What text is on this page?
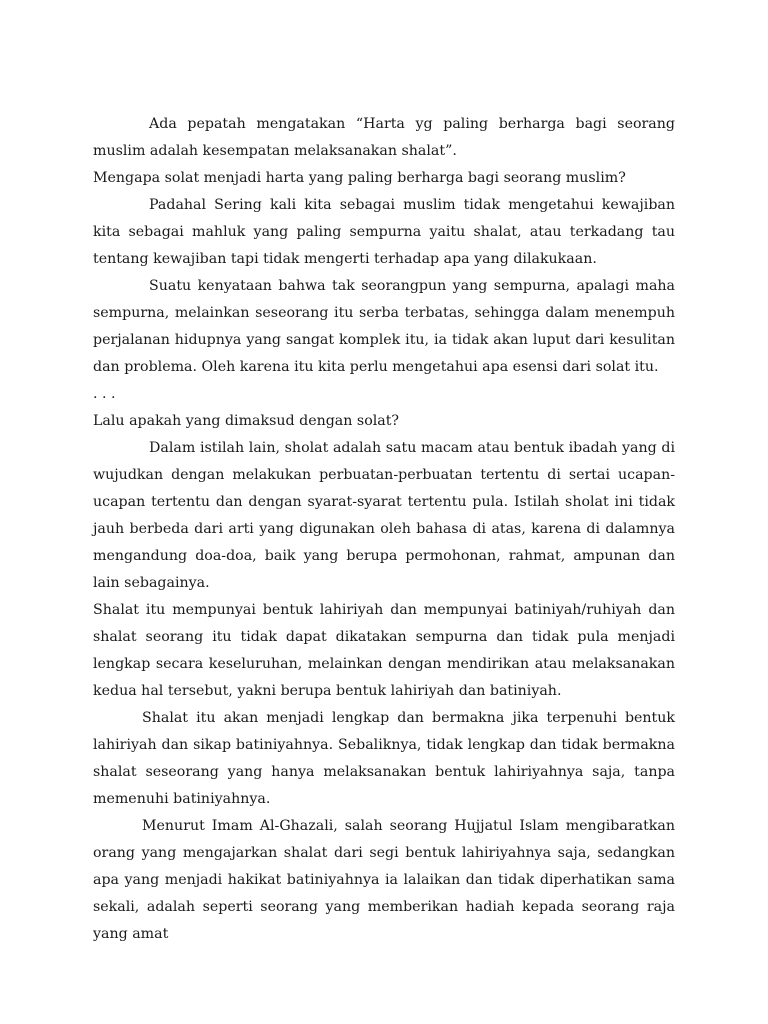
Ada pepatah mengatakan “Harta yg paling berharga bagi seorang muslim adalah kesempatan melaksanakan shalat”.

Mengapa solat menjadi harta yang paling berharga bagi seorang muslim?

Padahal Sering kali kita sebagai muslim tidak mengetahui kewajiban kita sebagai mahluk yang paling sempurna yaitu shalat, atau terkadang tau tentang kewajiban tapi tidak mengerti terhadap apa yang dilakukaan.

Suatu kenyataan bahwa tak seorangpun yang sempurna, apalagi maha sempurna, melainkan seseorang itu serba terbatas, sehingga dalam menempuh perjalanan hidupnya yang sangat komplek itu, ia tidak akan luput dari kesulitan dan problema. Oleh karena itu kita perlu mengetahui apa esensi dari solat itu.

. . .

Lalu apakah yang dimaksud dengan solat?

Dalam istilah lain, sholat adalah satu macam atau bentuk ibadah yang di wujudkan dengan melakukan perbuatan-perbuatan tertentu di sertai ucapan-ucapan tertentu dan dengan syarat-syarat tertentu pula. Istilah sholat ini tidak jauh berbeda dari arti yang digunakan oleh bahasa di atas, karena di dalamnya mengandung doa-doa, baik yang berupa permohonan, rahmat, ampunan dan lain sebagainya.

Shalat itu mempunyai bentuk lahiriyah dan mempunyai batiniyah/ruhiyah dan shalat seorang itu tidak dapat dikatakan sempurna dan tidak pula menjadi lengkap secara keseluruhan, melainkan dengan mendirikan atau melaksanakan kedua hal tersebut, yakni berupa bentuk lahiriyah dan batiniyah.

Shalat itu akan menjadi lengkap dan bermakna jika terpenuhi bentuk lahiriyah dan sikap batiniyahnya. Sebaliknya, tidak lengkap dan tidak bermakna shalat seseorang yang hanya melaksanakan bentuk lahiriyahnya saja, tanpa memenuhi batiniyahnya.

Menurut Imam Al-Ghazali, salah seorang Hujjatul Islam mengibaratkan orang yang mengajarkan shalat dari segi bentuk lahiriyahnya saja, sedangkan apa yang menjadi hakikat batiniyahnya ia lalaikan dan tidak diperhatikan sama sekali, adalah seperti seorang yang memberikan hadiah kepada seorang raja yang amat
